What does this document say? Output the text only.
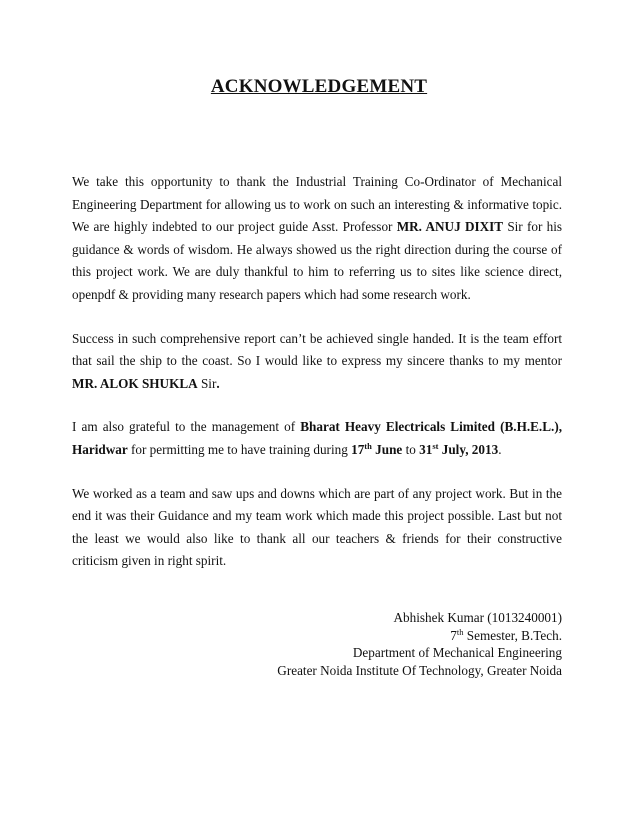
ACKNOWLEDGEMENT

We take this opportunity to thank the Industrial Training Co-Ordinator of Mechanical Engineering Department for allowing us to work on such an interesting & informative topic. We are highly indebted to our project guide Asst. Professor MR. ANUJ DIXIT Sir for his guidance & words of wisdom. He always showed us the right direction during the course of this project work. We are duly thankful to him to referring us to sites like science direct, openpdf & providing many research papers which had some research work.

Success in such comprehensive report can’t be achieved single handed. It is the team effort that sail the ship to the coast. So I would like to express my sincere thanks to my mentor MR. ALOK SHUKLA Sir.

I am also grateful to the management of Bharat Heavy Electricals Limited (B.H.E.L.), Haridwar for permitting me to have training during 17th June to 31st July, 2013.

We worked as a team and saw ups and downs which are part of any project work. But in the end it was their Guidance and my team work which made this project possible. Last but not the least we would also like to thank all our teachers & friends for their constructive criticism given in right spirit.

Abhishek Kumar (1013240001)
7th Semester, B.Tech.
Department of Mechanical Engineering
Greater Noida Institute Of Technology, Greater Noida
